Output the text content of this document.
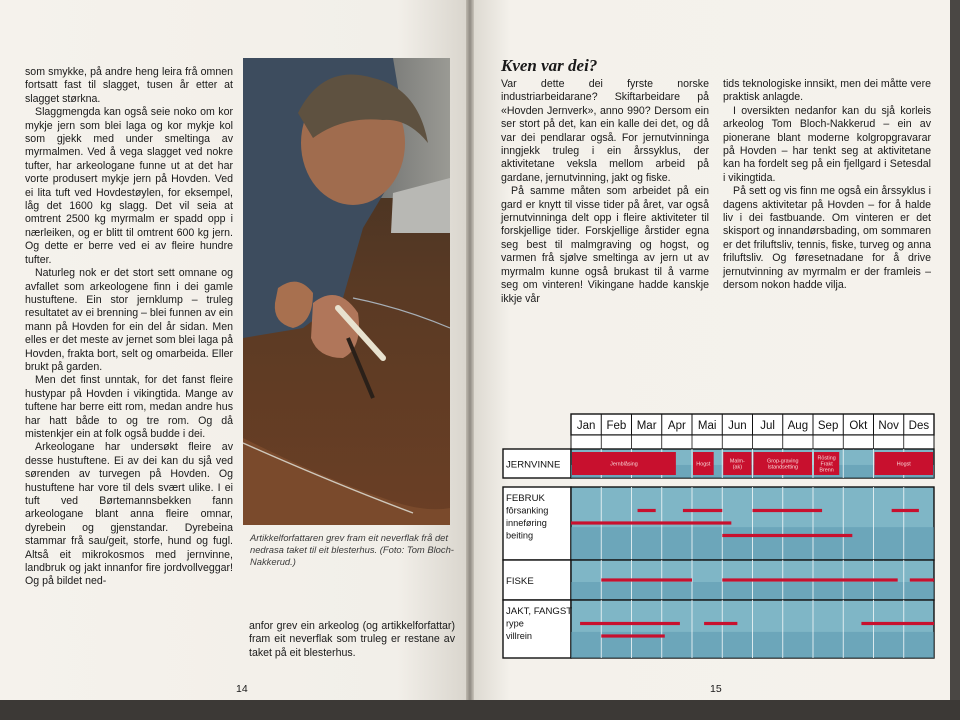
som smykke, på andre heng leira frå omnen fortsatt fast til slagget, tusen år etter at slagget størkna.

Slaggmengda kan også seie noko om kor mykje jern som blei laga og kor mykje kol som gjekk med under smeltinga av myrmalmen. Ved å vega slagget ved nokre tufter, har arkeologane funne ut at det har vorte produsert mykje jern på Hovden. Ved ei lita tuft ved Hovdestøylen, for eksempel, låg det 1600 kg slagg. Det vil seia at omtrent 2500 kg myrmalm er spadd opp i nærleiken, og er blitt til omtrent 600 kg jern. Og dette er berre ved ei av fleire hundre tufter.

Naturleg nok er det stort sett omnane og avfallet som arkeologene finn i dei gamle hustuftene. Ein stor jernklump – truleg resultatet av ei brenning – blei funnen av ein mann på Hovden for ein del år sidan. Men elles er det meste av jernet som blei laga på Hovden, frakta bort, selt og omarbeida. Eller brukt på garden.

Men det finst unntak, for det fanst fleire hustypar på Hovden i vikingtida. Mange av tuftene har berre eitt rom, medan andre hus har hatt både to og tre rom. Og då mistenkjer ein at folk også budde i dei.

Arkeologane har undersøkt fleire av desse hustuftene. Ei av dei kan du sjå ved sørenden av turvegen på Hovden. Og hustuftene har vore til dels svært ulike. I ei tuft ved Børtemannsbekken fann arkeologane blant anna fleire omnar, dyrebein og gjenstandar. Dyrebeina stammar frå sau/geit, storfe, hund og fugl. Altså eit mikrokosmos med jernvinne, landbruk og jakt innanfor fire jordvollveggar! Og på bildet ned-

Artikkelforfattaren grev fram eit neverflak frå det nedrasa taket til eit blesterhus. (Foto: Tom Bloch-Nakkerud.)

anfor grev ein arkeolog (og artikkelforfattar) fram eit neverflak som truleg er restane av taket på eit blesterhus.

14
Kven var dei?

Var dette dei fyrste norske industriarbeidarane? Skiftarbeidare på «Hovden Jernverk», anno 990? Dersom ein ser stort på det, kan ein kalle dei det, og då var dei pendlarar også. For jernutvinninga inngjekk truleg i ein årssyklus, der aktivitetane veksla mellom arbeid på gardane, jernutvinning, jakt og fiske.

På samme måten som arbeidet på ein gard er knytt til visse tider på året, var også jernutvinninga delt opp i fleire aktiviteter til forskjellige tider. Forskjellige årstider egna seg best til malmgraving og hogst, og varmen frå sjølve smeltinga av jern ut av myrmalm kunne også brukast til å varme seg om vinteren! Vikingane hadde kanskje ikkje vår

tids teknologiske innsikt, men dei måtte vere praktisk anlagde.

I oversikten nedanfor kan du sjå korleis arkeolog Tom Bloch-Nakkerud – ein av pionerane blant moderne kolgropgravarar på Hovden – har tenkt seg at aktivitetane kan ha fordelt seg på ein fjellgard i Setesdal i vikingtida.

På sett og vis finn me også ein årssyklus i dagens aktivitetar på Hovden – for å halde liv i dei fastbuande. Om vinteren er det skisport og innandørsbading, om sommaren er det friluftsliv, tennis, fiske, turveg og anna friluftsliv. Og føresetnadane for å drive jernutvinning av myrmalm er der framleis – dersom nokon hadde vilja.

Jan Feb Mar Apr Mai Jun Jul Aug Sep Okt Nov Des
JERNVINNE	Jernblåsing	Hogst
Malm-
(ak)
Grop-graving
Istandsetting
Rösting
Frakt
Brenn
Hogst
FEBRUK
fôrsanking
inneføring
beiting
FISKE
JAKT, FANGST
rype
villrein
15
